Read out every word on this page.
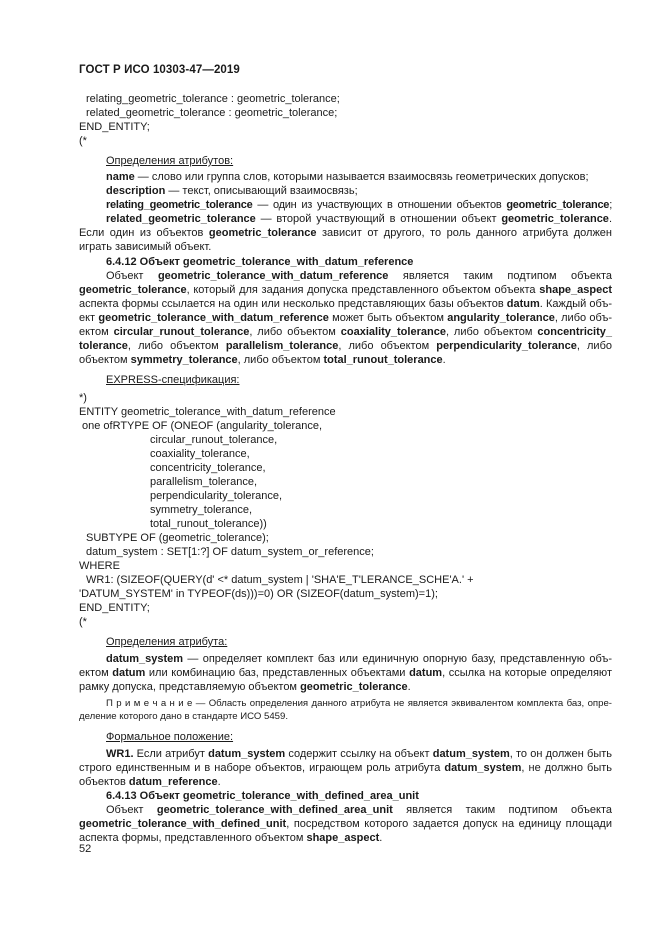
ГОСТ Р ИСО 10303-47—2019
relating_geometric_tolerance : geometric_tolerance;
related_geometric_tolerance : geometric_tolerance;
END_ENTITY;
(*
Определения атрибутов:
name — слово или группа слов, которыми называется взаимосвязь геометрических допусков;
description — текст, описывающий взаимосвязь;
relating_geometric_tolerance — один из участвующих в отношении объектов geometric_tolerance;
related_geometric_tolerance — второй участвующий в отношении объект geometric_tolerance.
Если один из объектов geometric_tolerance зависит от другого, то роль данного атрибута должен
играть зависимый объект.
6.4.12 Объект geometric_tolerance_with_datum_reference
Объект geometric_tolerance_with_datum_reference является таким подтипом объекта
geometric_tolerance, который для задания допуска представленного объектом объекта shape_aspect
аспекта формы ссылается на один или несколько представляющих базы объектов datum. Каждый объ-
ект geometric_tolerance_with_datum_reference может быть объектом angularity_tolerance, либо объ-
ектом circular_runout_tolerance, либо объектом coaxiality_tolerance, либо объектом concentricity_
tolerance, либо объектом parallelism_tolerance, либо объектом perpendicularity_tolerance, либо
объектом symmetry_tolerance, либо объектом total_runout_tolerance.
EXPRESS-спецификация:
*)
ENTITY geometric_tolerance_with_datum_reference
one ofRTYPE OF (ONEOF (angularity_tolerance,
circular_runout_tolerance,
coaxiality_tolerance,
concentricity_tolerance,
parallelism_tolerance,
perpendicularity_tolerance,
symmetry_tolerance,
total_runout_tolerance))
SUBTYPE OF (geometric_tolerance);
datum_system : SET[1:?] OF datum_system_or_reference;
WHERE
WR1: (SIZEOF(QUERY(d' <* datum_system | 'SHA'E_T'LERANCE_SCHE'A.' +
'DATUM_SYSTEM' in TYPEOF(ds)))=0) OR (SIZEOF(datum_system)=1);
END_ENTITY;
(*
Определения атрибута:
datum_system — определяет комплект баз или единичную опорную базу, представленную объ-
ектом datum или комбинацию баз, представленных объектами datum, ссылка на которые определяют
рамку допуска, представляемую объектом geometric_tolerance.
П р и м е ч а н и е — Область определения данного атрибута не является эквивалентом комплекта баз, опре-
деление которого дано в стандарте ИСО 5459.
Формальное положение:
WR1. Если атрибут datum_system содержит ссылку на объект datum_system, то он должен быть
строго единственным и в наборе объектов, играющем роль атрибута datum_system, не должно быть
объектов datum_reference.
6.4.13 Объект geometric_tolerance_with_defined_area_unit
Объект geometric_tolerance_with_defined_area_unit является таким подтипом объекта
geometric_tolerance_with_defined_unit, посредством которого задается допуск на единицу площади
аспекта формы, представленного объектом shape_aspect.
52
